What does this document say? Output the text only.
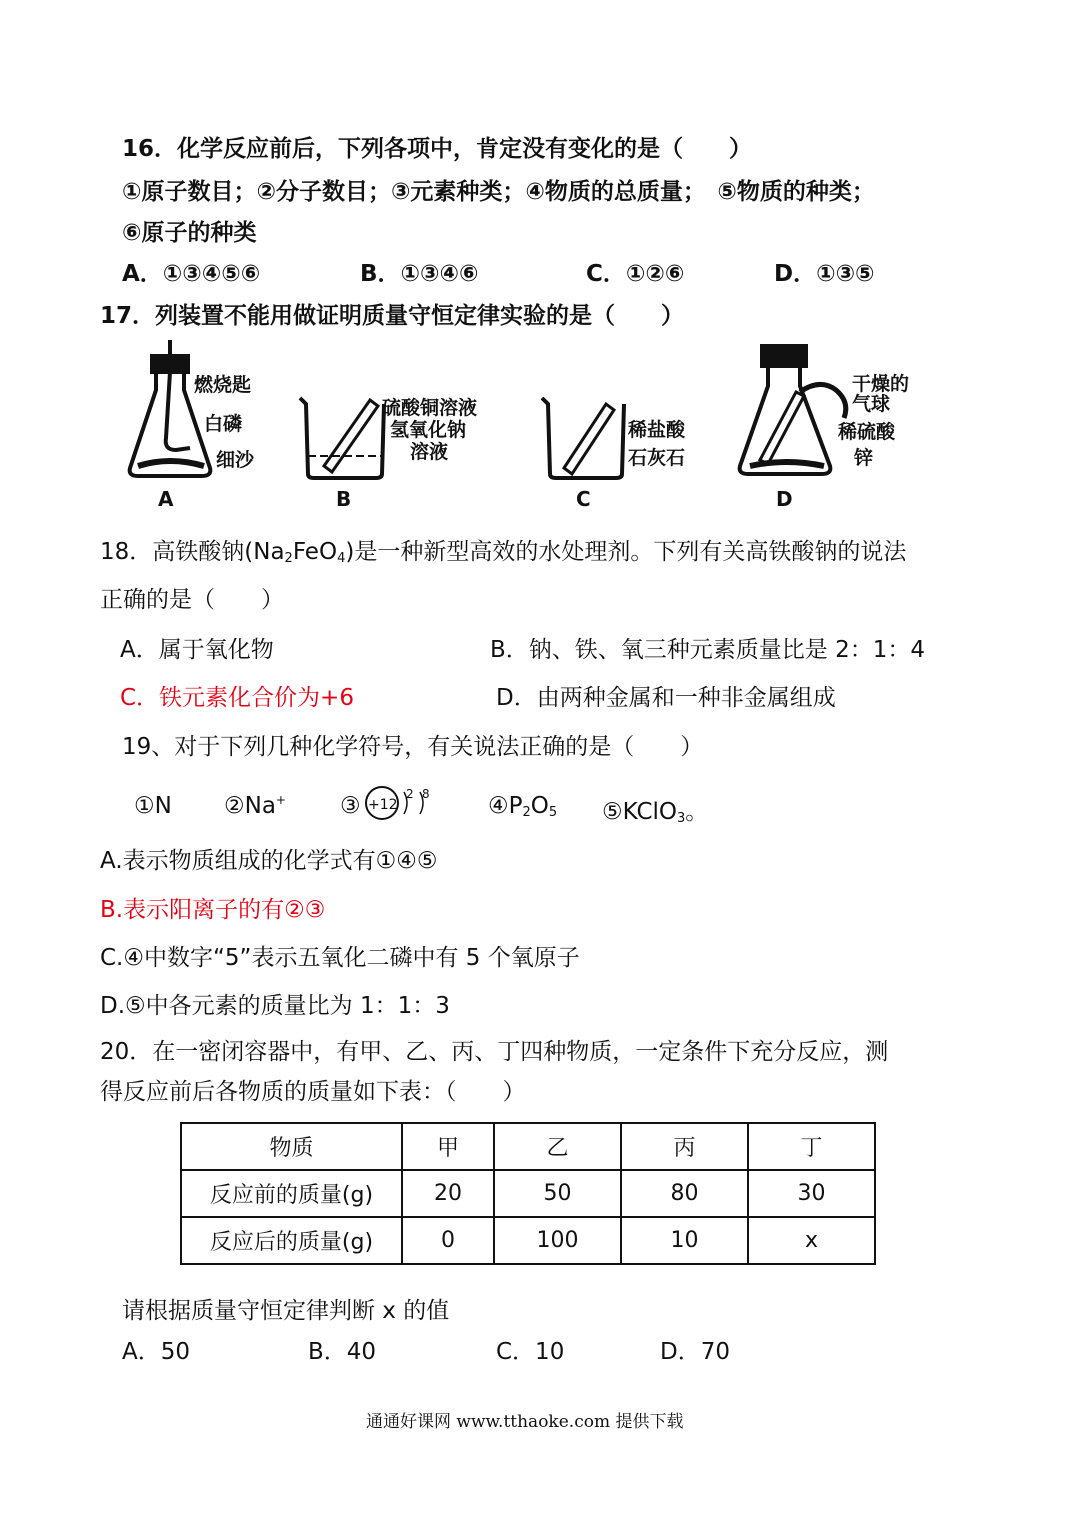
16．化学反应前后，下列各项中，肯定没有变化的是（　　）
①原子数目；②分子数目；③元素种类；④物质的总质量；　⑤物质的种类；
⑥原子的种类
A．①③④⑤⑥	B．①③④⑥	C．①②⑥	D．①③⑤
17．列装置不能用做证明质量守恒定律实验的是（　　）
燃烧匙
白磷
细沙
A
硫酸铜溶液
氢氧化钠
溶液
B
稀盐酸
石灰石
C
干燥的
气球
稀硫酸
锌
D
18．高铁酸钠$(Na_2FeO_4)$是一种新型高效的水处理剂。下列有关高铁酸钠的说法
正确的是（　　）
A．属于氧化物	B．钠、铁、氧三种元素质量比是 2：1：4
C．铁元素化合价为+6	D．由两种金属和一种非金属组成
19、对于下列几种化学符号，有关说法正确的是（　　）
①N ②Na+ ③ +12
2 8	$④P_2O_5$ ⑤KClO$_3$。
A.表示物质组成的化学式有①④⑤
B.表示阳离子的有②③
C.④中数字“5”表示五氧化二磷中有 5 个氧原子
D.⑤中各元素的质量比为 1：1：3
20．在一密闭容器中，有甲、乙、丙、丁四种物质，一定条件下充分反应，测
得反应前后各物质的质量如下表：（　　）
物质	甲	乙	丙	丁
反应前的质量(g)	20	50	80	30
反应后的质量(g)	0	100	10	x
请根据质量守恒定律判断 x 的值
A．50	B．40	C．10	D．70
通通好课网 www.tthaoke.com 提供下载
